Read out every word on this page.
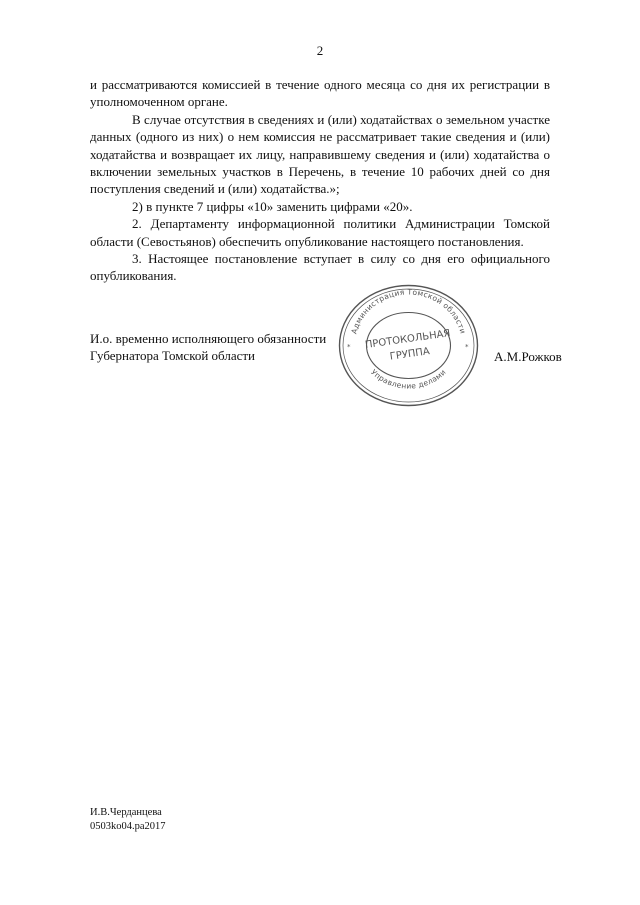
2

и рассматриваются комиссией в течение одного месяца со дня их регистрации в уполномоченном органе.

В случае отсутствия в сведениях и (или) ходатайствах о земельном участке данных (одного из них) о нем комиссия не рассматривает такие сведения и (или) ходатайства и возвращает их лицу, направившему сведения и (или) ходатайства о включении земельных участков в Перечень, в течение 10 рабочих дней со дня поступления сведений и (или) ходатайства.»;

2) в пункте 7 цифры «10» заменить цифрами «20».

2. Департаменту информационной политики Администрации Томской области (Севостьянов) обеспечить опубликование настоящего постановления.

3. Настоящее постановление вступает в силу со дня его официального опубликования.

И.о. временно исполняющего обязанности
Губернатора Томской области
Администрация Томской области
Управление делами
*	*
ПРОТОКОЛЬНАЯ
ГРУППА	А.М.Рожков
И.В.Черданцева
0503ko04.pa2017
